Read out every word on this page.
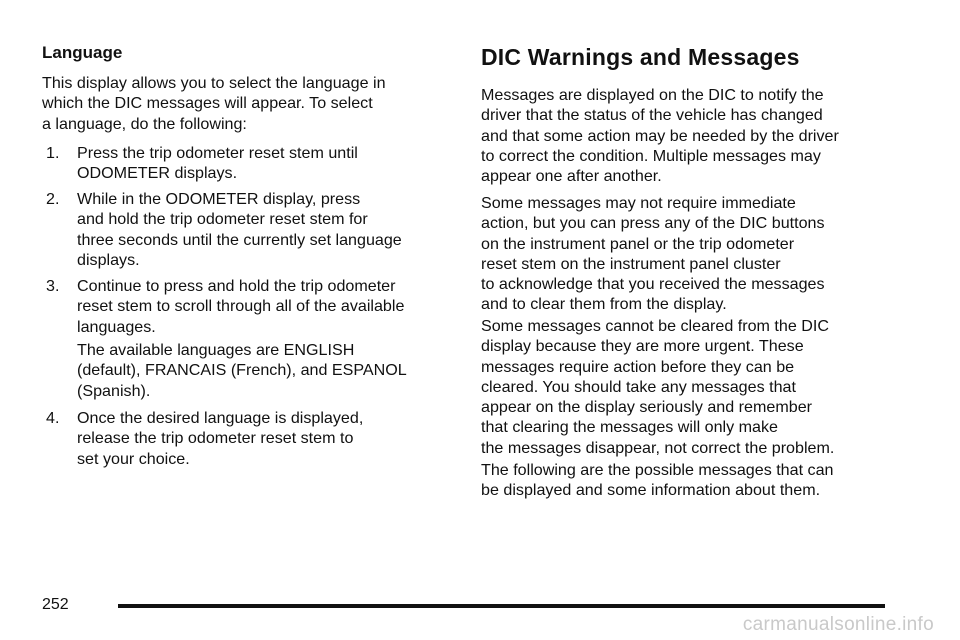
Language

This display allows you to select the language in
which the DIC messages will appear. To select
a language, do the following:

1. Press the trip odometer reset stem until
ODOMETER displays.
2. While in the ODOMETER display, press
and hold the trip odometer reset stem for
three seconds until the currently set language
displays.
3. Continue to press and hold the trip odometer
reset stem to scroll through all of the available
languages.
The available languages are ENGLISH
(default), FRANCAIS (French), and ESPANOL
(Spanish).
4. Once the desired language is displayed,
release the trip odometer reset stem to
set your choice.
DIC Warnings and Messages

Messages are displayed on the DIC to notify the
driver that the status of the vehicle has changed
and that some action may be needed by the driver
to correct the condition. Multiple messages may
appear one after another.

Some messages may not require immediate
action, but you can press any of the DIC buttons
on the instrument panel or the trip odometer
reset stem on the instrument panel cluster
to acknowledge that you received the messages
and to clear them from the display.

Some messages cannot be cleared from the DIC
display because they are more urgent. These
messages require action before they can be
cleared. You should take any messages that
appear on the display seriously and remember
that clearing the messages will only make
the messages disappear, not correct the problem.

The following are the possible messages that can
be displayed and some information about them.

252
carmanualsonline.info
